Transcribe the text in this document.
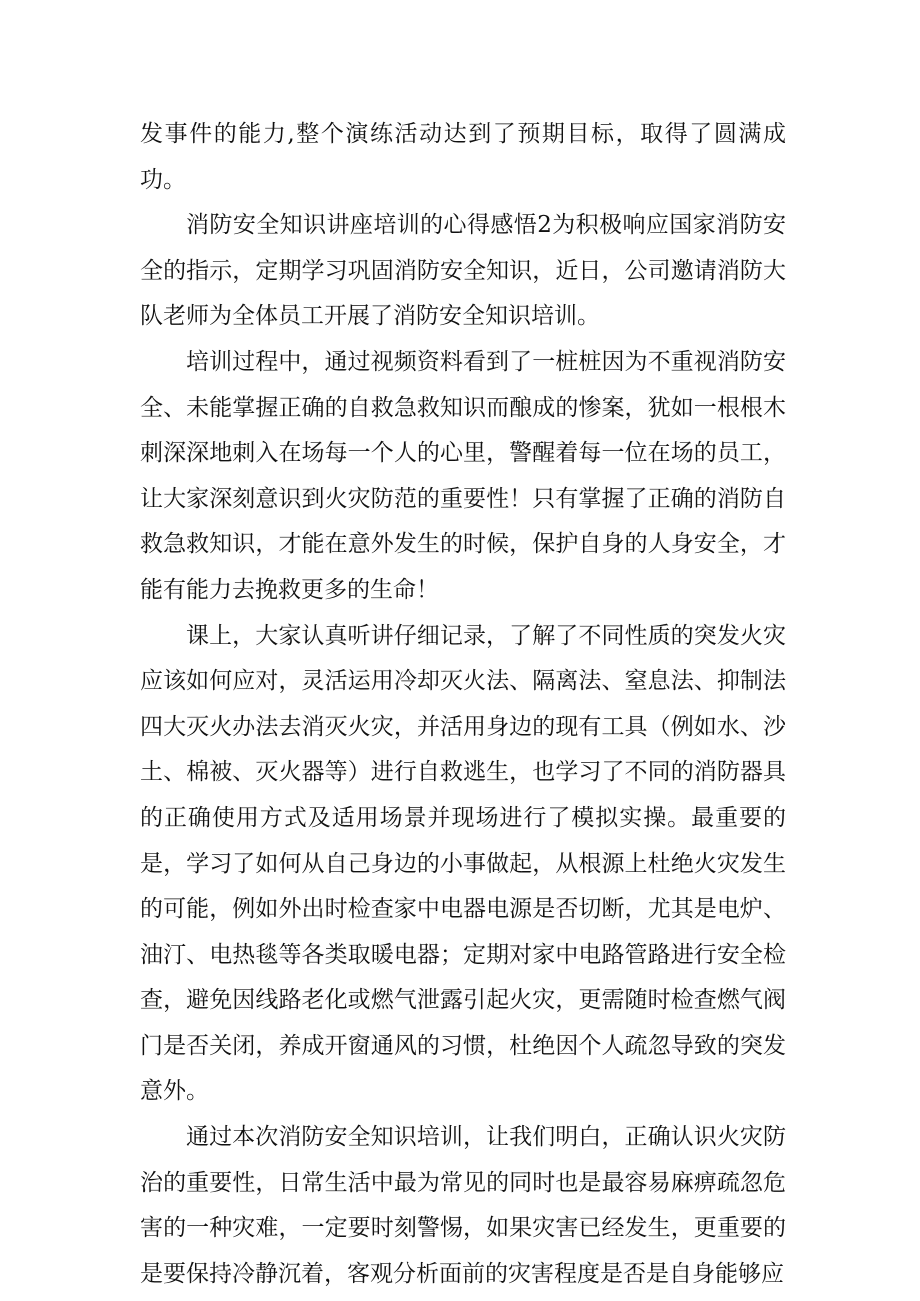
发事件的能力,整个演练活动达到了预期目标，取得了圆满成功。

消防安全知识讲座培训的心得感悟2为积极响应国家消防安全的指示，定期学习巩固消防安全知识，近日，公司邀请消防大队老师为全体员工开展了消防安全知识培训。

培训过程中，通过视频资料看到了一桩桩因为不重视消防安全、未能掌握正确的自救急救知识而酿成的惨案，犹如一根根木刺深深地刺入在场每一个人的心里，警醒着每一位在场的员工，让大家深刻意识到火灾防范的重要性！只有掌握了正确的消防自救急救知识，才能在意外发生的时候，保护自身的人身安全，才能有能力去挽救更多的生命！

课上，大家认真听讲仔细记录，了解了不同性质的突发火灾应该如何应对，灵活运用冷却灭火法、隔离法、窒息法、抑制法四大灭火办法去消灭火灾，并活用身边的现有工具（例如水、沙土、棉被、灭火器等）进行自救逃生，也学习了不同的消防器具的正确使用方式及适用场景并现场进行了模拟实操。最重要的是，学习了如何从自己身边的小事做起，从根源上杜绝火灾发生的可能，例如外出时检查家中电器电源是否切断，尤其是电炉、油汀、电热毯等各类取暖电器；定期对家中电路管路进行安全检查，避免因线路老化或燃气泄露引起火灾，更需随时检查燃气阀门是否关闭，养成开窗通风的习惯，杜绝因个人疏忽导致的突发意外。

通过本次消防安全知识培训，让我们明白，正确认识火灾防治的重要性，日常生活中最为常见的同时也是最容易麻痹疏忽危害的一种灾难，一定要时刻警惕，如果灾害已经发生，更重要的是要保持冷静沉着，客观分析面前的灾害程度是否是自身能够应
